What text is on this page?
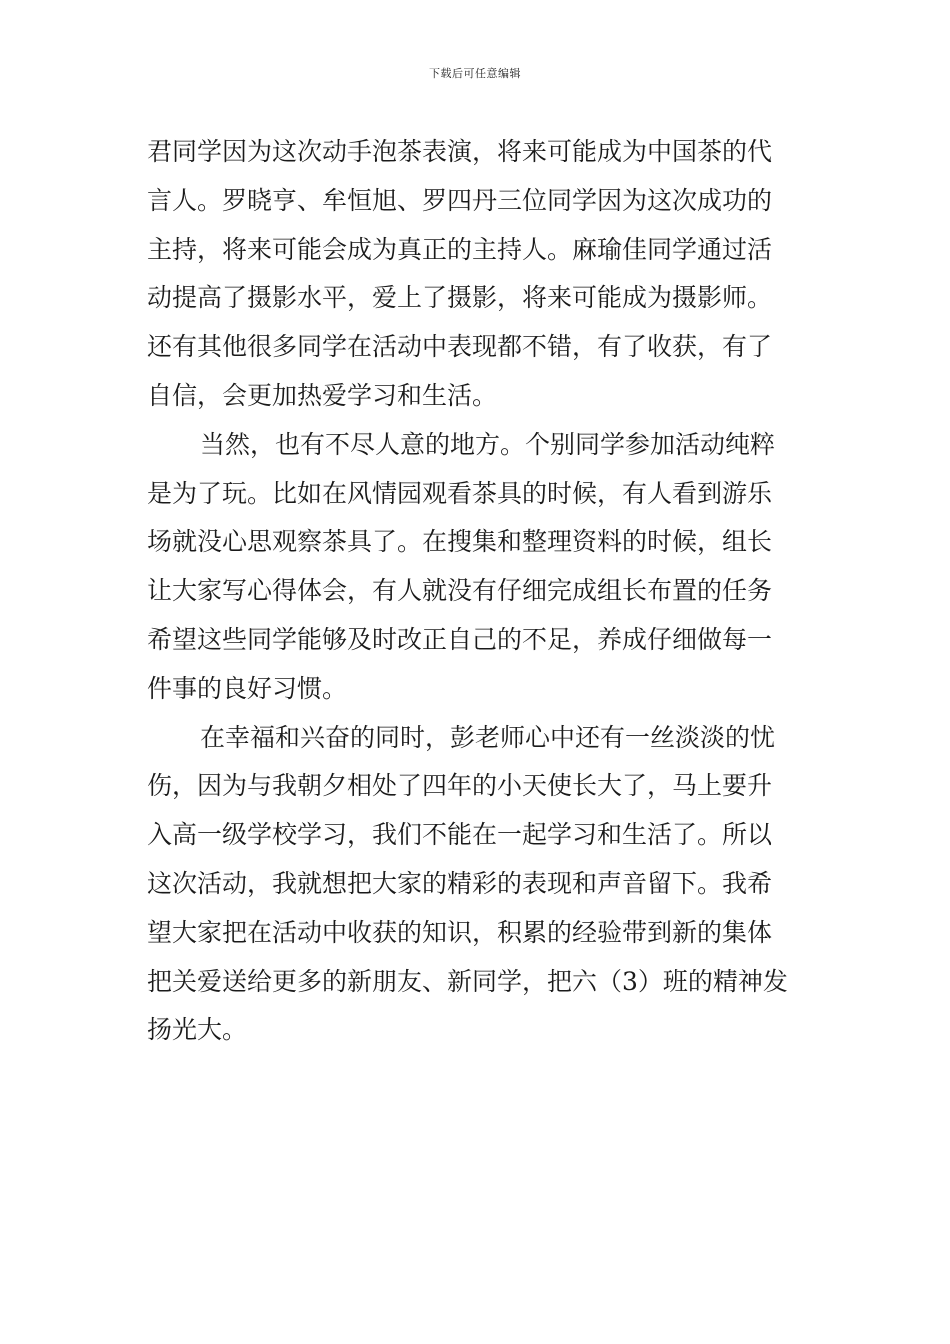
下载后可任意编辑
君同学因为这次动手泡茶表演，将来可能成为中国茶的代
言人。罗晓亨、牟恒旭、罗四丹三位同学因为这次成功的
主持，将来可能会成为真正的主持人。麻瑜佳同学通过活
动提高了摄影水平，爱上了摄影，将来可能成为摄影师。
还有其他很多同学在活动中表现都不错，有了收获，有了
自信，会更加热爱学习和生活。
当然，也有不尽人意的地方。个别同学参加活动纯粹
是为了玩。比如在风情园观看茶具的时候，有人看到游乐
场就没心思观察茶具了。在搜集和整理资料的时候，组长
让大家写心得体会，有人就没有仔细完成组长布置的任务
希望这些同学能够及时改正自己的不足，养成仔细做每一
件事的良好习惯。
在幸福和兴奋的同时，彭老师心中还有一丝淡淡的忧
伤，因为与我朝夕相处了四年的小天使长大了，马上要升
入高一级学校学习，我们不能在一起学习和生活了。所以
这次活动，我就想把大家的精彩的表现和声音留下。我希
望大家把在活动中收获的知识，积累的经验带到新的集体
把关爱送给更多的新朋友、新同学，把六（3）班的精神发
扬光大。
